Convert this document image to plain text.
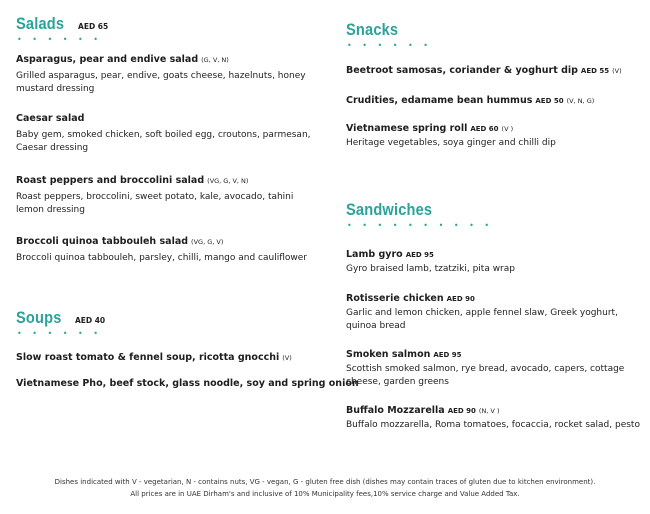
Salads AED 65
• • • • • •
Asparagus, pear and endive salad (G, V, N)
Grilled asparagus, pear, endive, goats cheese, hazelnuts, honey mustard dressing
Caesar salad
Baby gem, smoked chicken, soft boiled egg, croutons, parmesan, Caesar dressing
Roast peppers and broccolini salad (VG, G, V, N)
Roast peppers, broccolini, sweet potato, kale, avocado, tahini lemon dressing
Broccoli quinoa tabbouleh salad (VG, G, V)
Broccoli quinoa tabbouleh, parsley, chilli, mango and cauliflower
Soups AED 40
• • • • • •
Slow roast tomato & fennel soup, ricotta gnocchi (V)
Vietnamese Pho, beef stock, glass noodle, soy and spring onion
Snacks
• • • • • •
Beetroot samosas, coriander & yoghurt dip AED 55 (V)
Crudities, edamame bean hummus AED 50 (V, N, G)
Vietnamese spring roll AED 60 (V )
Heritage vegetables, soya ginger and chilli dip
Sandwiches
• • • • • • • • • •
Lamb gyro AED 95
Gyro braised lamb, tzatziki, pita wrap
Rotisserie chicken AED 90
Garlic and lemon chicken, apple fennel slaw, Greek yoghurt, quinoa bread
Smoken salmon AED 95
Scottish smoked salmon, rye bread, avocado, capers, cottage cheese, garden greens
Buffalo Mozzarella AED 90 (N, V )
Buffalo mozzarella, Roma tomatoes, focaccia, rocket salad, pesto
Dishes indicated with V - vegetarian, N - contains nuts, VG - vegan, G - gluten free dish (dishes may contain traces of gluten due to kitchen environment).
All prices are in UAE Dirham's and inclusive of 10% Municipality fees,10% service charge and Value Added Tax.
